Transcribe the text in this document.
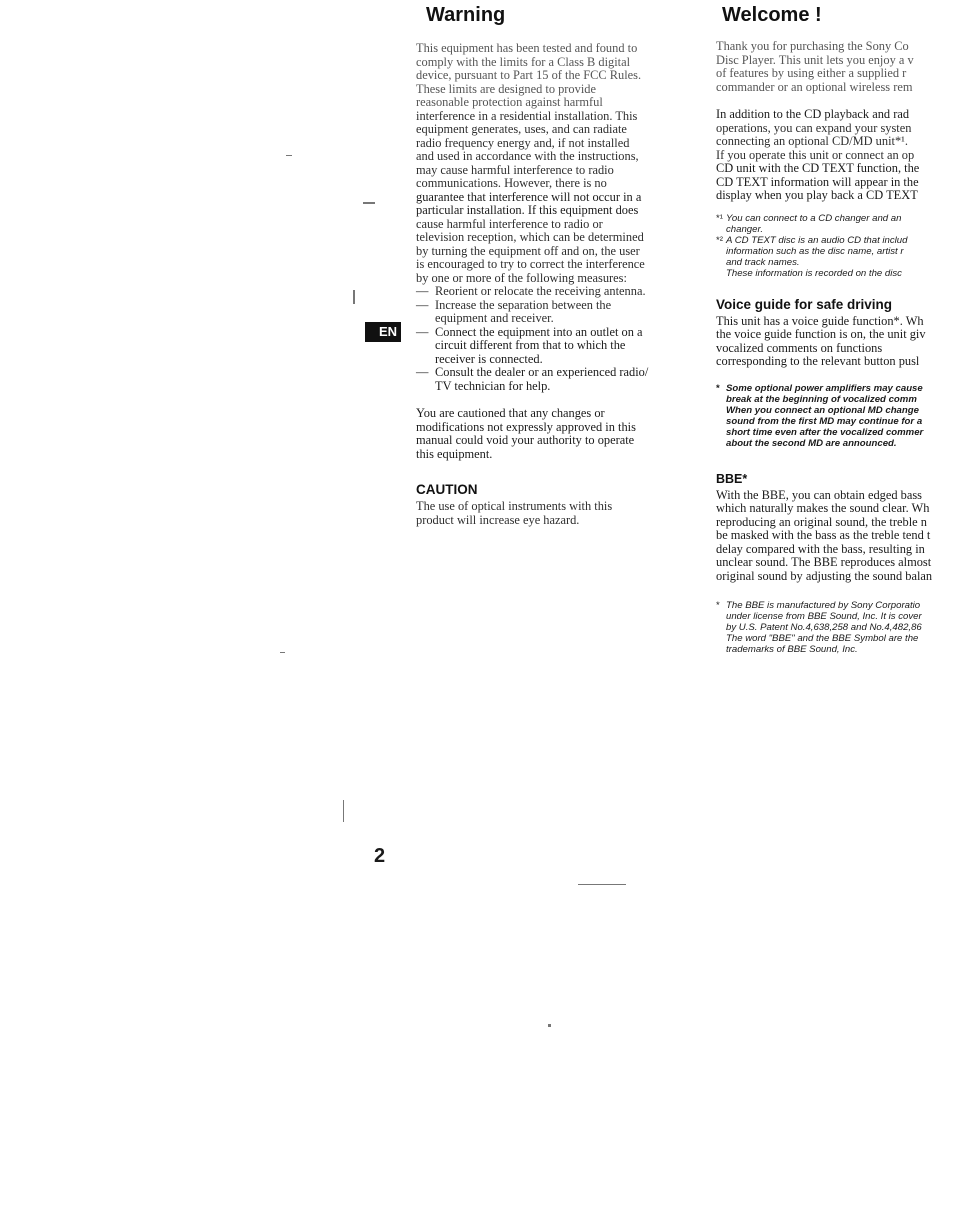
EN
2
Warning
This equipment has been tested and found to
comply with the limits for a Class B digital
device, pursuant to Part 15 of the FCC Rules.
These limits are designed to provide
reasonable protection against harmful
interference in a residential installation. This
equipment generates, uses, and can radiate
radio frequency energy and, if not installed
and used in accordance with the instructions,
may cause harmful interference to radio
communications. However, there is no
guarantee that interference will not occur in a
particular installation. If this equipment does
cause harmful interference to radio or
television reception, which can be determined
by turning the equipment off and on, the user
is encouraged to try to correct the interference
by one or more of the following measures:
— Reorient or relocate the receiving antenna.
— Increase the separation between the
equipment and receiver.
— Connect the equipment into an outlet on a
circuit different from that to which the
receiver is connected.
— Consult the dealer or an experienced radio/
TV technician for help.
You are cautioned that any changes or
modifications not expressly approved in this
manual could void your authority to operate
this equipment.
CAUTION
The use of optical instruments with this
product will increase eye hazard.
Welcome !
Thank you for purchasing the Sony Co
Disc Player. This unit lets you enjoy a v
of features by using either a supplied r
commander or an optional wireless rem
In addition to the CD playback and rad
operations, you can expand your systen
connecting an optional CD/MD unit*¹.
If you operate this unit or connect an op
CD unit with the CD TEXT function, the
CD TEXT information will appear in the
display when you play back a CD TEXT
*¹ You can connect to a CD changer and an
changer.
*² A CD TEXT disc is an audio CD that includ
information such as the disc name, artist r
and track names.
These information is recorded on the disc
Voice guide for safe driving
This unit has a voice guide function*. Wh
the voice guide function is on, the unit giv
vocalized comments on functions
corresponding to the relevant button pusl
* Some optional power amplifiers may cause
break at the beginning of vocalized comm
When you connect an optional MD change
sound from the first MD may continue for a
short time even after the vocalized commer
about the second MD are announced.
BBE*
With the BBE, you can obtain edged bass
which naturally makes the sound clear. Wh
reproducing an original sound, the treble n
be masked with the bass as the treble tend t
delay compared with the bass, resulting in
unclear sound. The BBE reproduces almost
original sound by adjusting the sound balan
* The BBE is manufactured by Sony Corporatio
under license from BBE Sound, Inc. It is cover
by U.S. Patent No.4,638,258 and No.4,482,86
The word "BBE" and the BBE Symbol are the
trademarks of BBE Sound, Inc.
